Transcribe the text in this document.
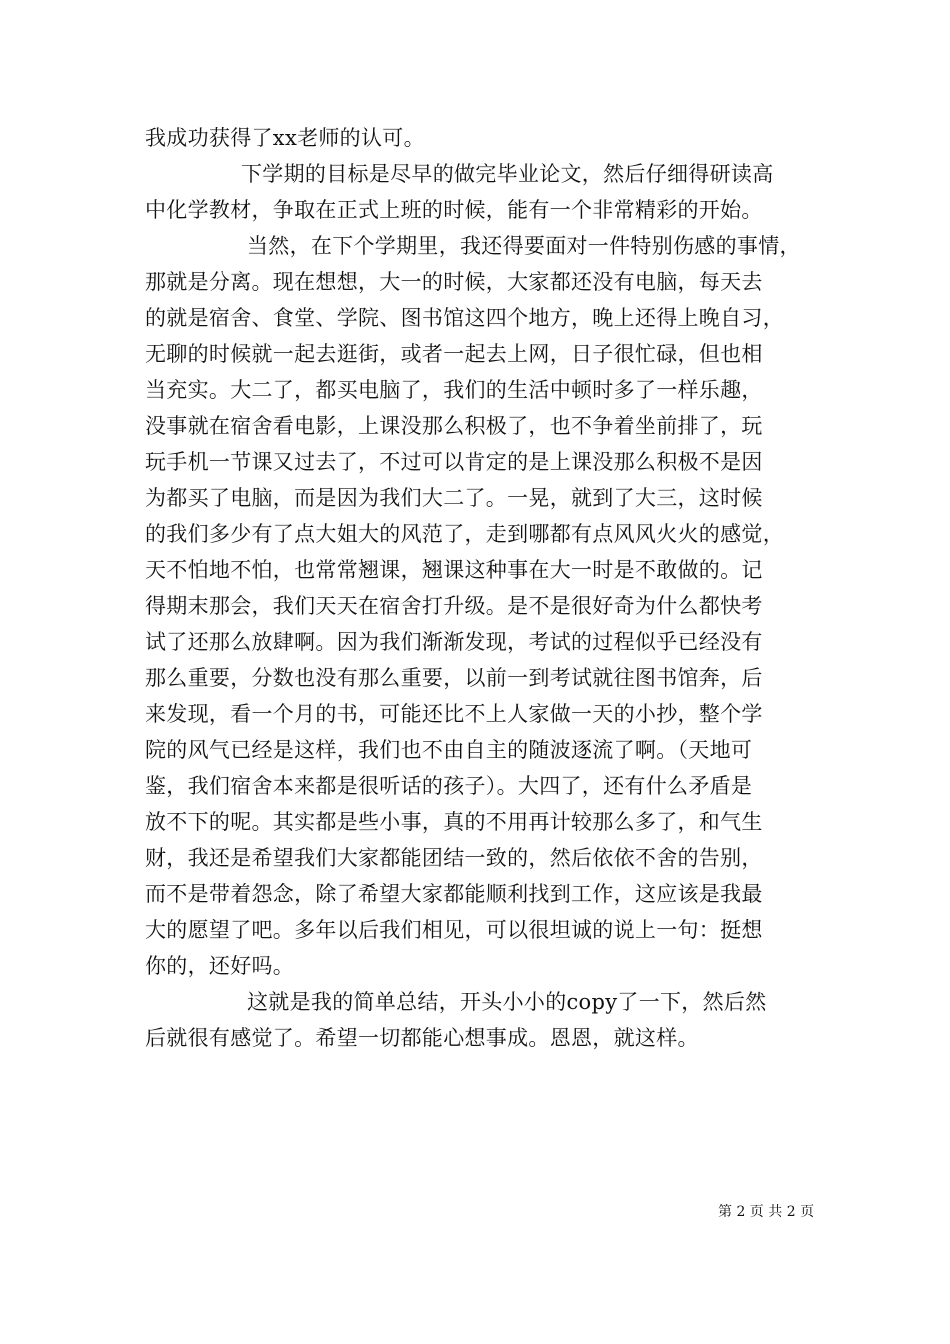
我成功获得了xx老师的认可。
下学期的目标是尽早的做完毕业论文，然后仔细得研读高
中化学教材，争取在正式上班的时候，能有一个非常精彩的开始。
当然，在下个学期里，我还得要面对一件特别伤感的事情，
那就是分离。现在想想，大一的时候，大家都还没有电脑，每天去
的就是宿舍、食堂、学院、图书馆这四个地方，晚上还得上晚自习，
无聊的时候就一起去逛街，或者一起去上网，日子很忙碌，但也相
当充实。大二了，都买电脑了，我们的生活中顿时多了一样乐趣，
没事就在宿舍看电影，上课没那么积极了，也不争着坐前排了，玩
玩手机一节课又过去了，不过可以肯定的是上课没那么积极不是因
为都买了电脑，而是因为我们大二了。一晃，就到了大三，这时候
的我们多少有了点大姐大的风范了，走到哪都有点风风火火的感觉，
天不怕地不怕，也常常翘课，翘课这种事在大一时是不敢做的。记
得期末那会，我们天天在宿舍打升级。是不是很好奇为什么都快考
试了还那么放肆啊。因为我们渐渐发现，考试的过程似乎已经没有
那么重要，分数也没有那么重要，以前一到考试就往图书馆奔，后
来发现，看一个月的书，可能还比不上人家做一天的小抄，整个学
院的风气已经是这样，我们也不由自主的随波逐流了啊。（天地可
鉴，我们宿舍本来都是很听话的孩子）。大四了，还有什么矛盾是
放不下的呢。其实都是些小事，真的不用再计较那么多了，和气生
财，我还是希望我们大家都能团结一致的，然后依依不舍的告别，
而不是带着怨念，除了希望大家都能顺利找到工作，这应该是我最
大的愿望了吧。多年以后我们相见，可以很坦诚的说上一句：挺想
你的，还好吗。
这就是我的简单总结，开头小小的copy了一下，然后然
后就很有感觉了。希望一切都能心想事成。恩恩，就这样。
第 2 页 共 2 页
